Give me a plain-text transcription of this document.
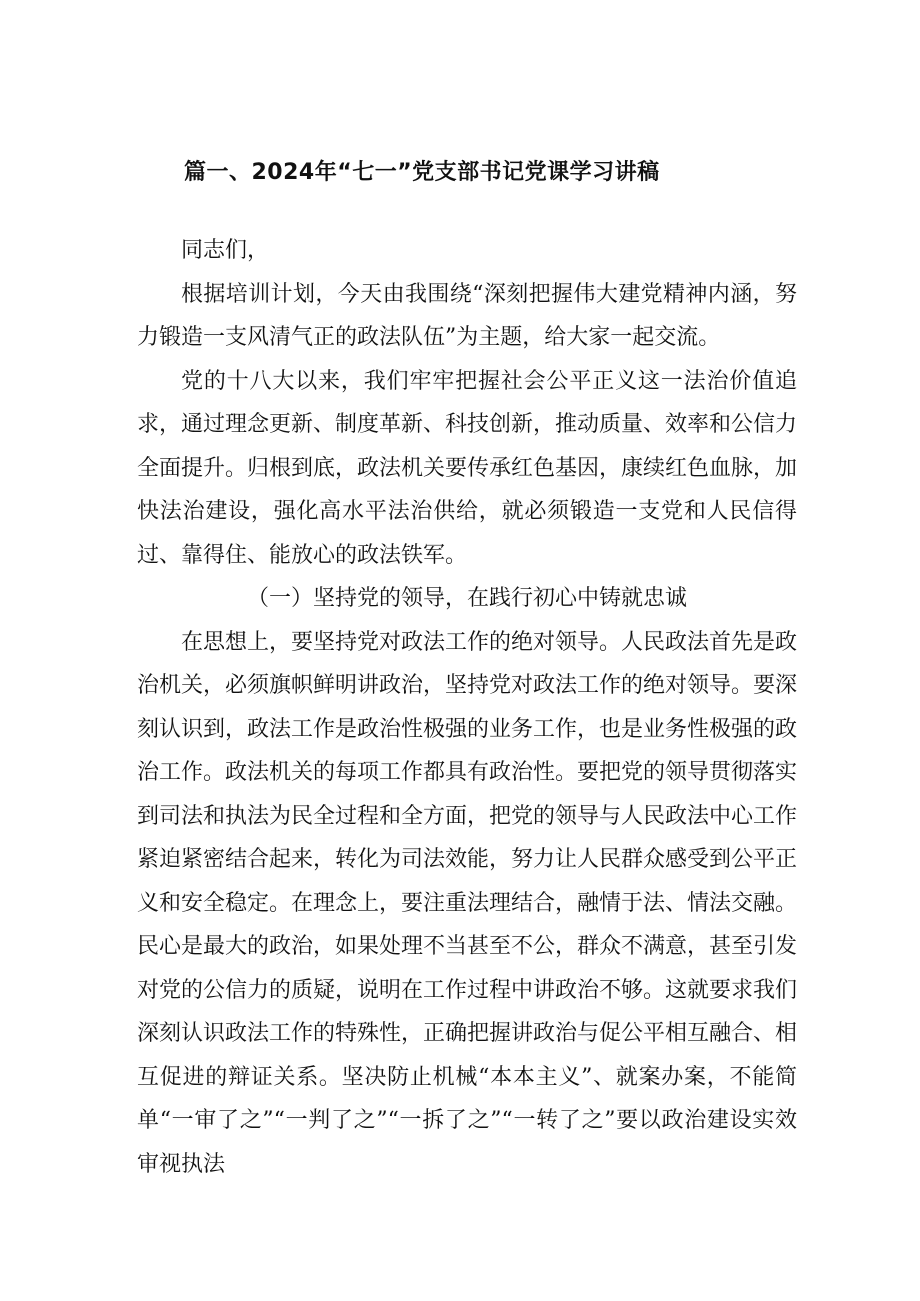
篇一、2024年“七一”党支部书记党课学习讲稿

同志们，

根据培训计划，今天由我围绕“深刻把握伟大建党精神内涵，努力锻造一支风清气正的政法队伍”为主题，给大家一起交流。

党的十八大以来，我们牢牢把握社会公平正义这一法治价值追求，通过理念更新、制度革新、科技创新，推动质量、效率和公信力全面提升。归根到底，政法机关要传承红色基因，康续红色血脉，加快法治建设，强化高水平法治供给，就必须锻造一支党和人民信得过、靠得住、能放心的政法铁军。

（一）坚持党的领导，在践行初心中铸就忠诚

在思想上，要坚持党对政法工作的绝对领导。人民政法首先是政治机关，必须旗帜鲜明讲政治，坚持党对政法工作的绝对领导。要深刻认识到，政法工作是政治性极强的业务工作，也是业务性极强的政治工作。政法机关的每项工作都具有政治性。要把党的领导贯彻落实到司法和执法为民全过程和全方面，把党的领导与人民政法中心工作紧迫紧密结合起来，转化为司法效能，努力让人民群众感受到公平正义和安全稳定。在理念上，要注重法理结合，融情于法、情法交融。民心是最大的政治，如果处理不当甚至不公，群众不满意，甚至引发对党的公信力的质疑，说明在工作过程中讲政治不够。这就要求我们深刻认识政法工作的特殊性，正确把握讲政治与促公平相互融合、相互促进的辩证关系。坚决防止机械“本本主义”、就案办案，不能简单“一审了之”“一判了之”“一拆了之”“一转了之”要以政治建设实效审视执法
